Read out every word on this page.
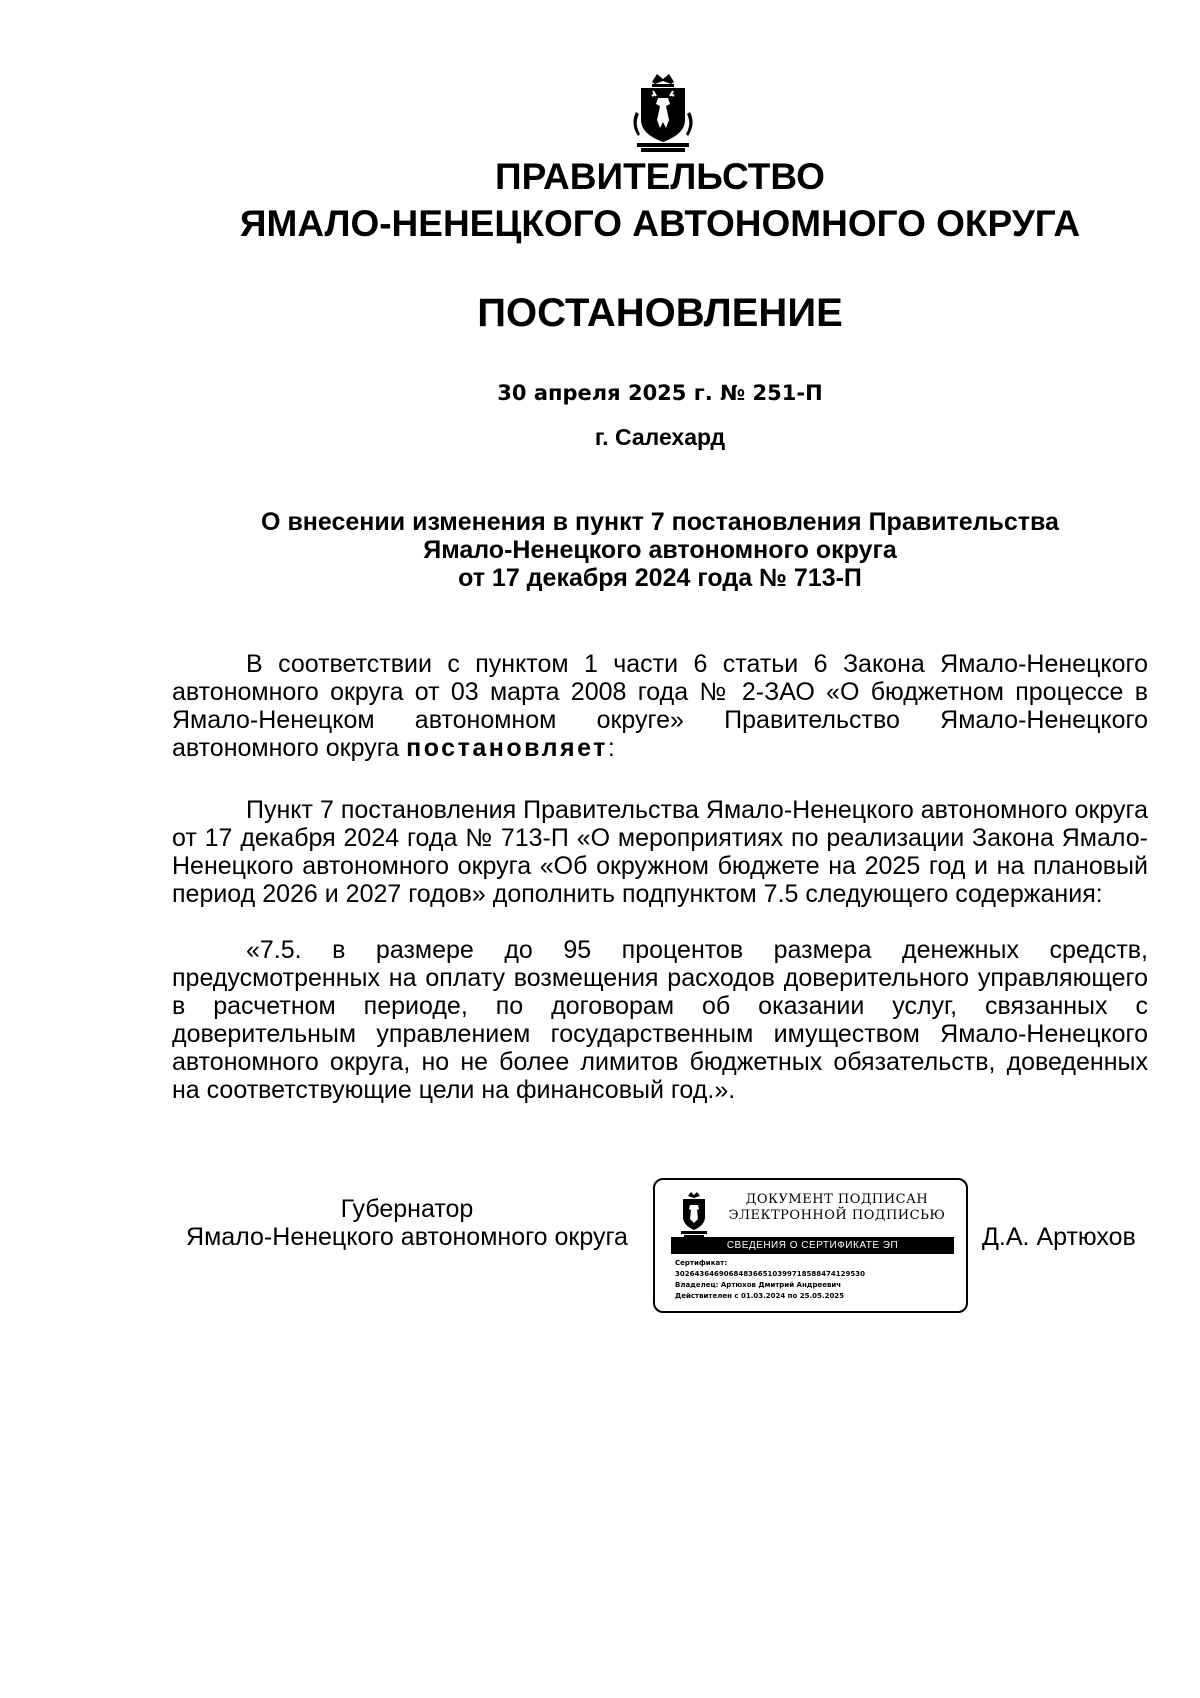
ПРАВИТЕЛЬСТВО
ЯМАЛО-НЕНЕЦКОГО АВТОНОМНОГО ОКРУГА
ПОСТАНОВЛЕНИЕ
30 апреля 2025 г. № 251-П
г. Салехард
О внесении изменения в пункт 7 постановления Правительства
Ямало-Ненецкого автономного округа
от 17 декабря 2024 года № 713-П

В соответствии с пунктом 1 части 6 статьи 6 Закона Ямало-Ненецкого автономного округа от 03 марта 2008 года № 2-ЗАО «О бюджетном процессе в Ямало-Ненецком автономном округе» Правительство Ямало-Ненецкого автономного округа постановляет:

Пункт 7 постановления Правительства Ямало-Ненецкого автономного округа от 17 декабря 2024 года № 713-П «О мероприятиях по реализации Закона Ямало-Ненецкого автономного округа «Об окружном бюджете на 2025 год и на плановый период 2026 и 2027 годов» дополнить подпунктом 7.5 следующего содержания:

«7.5. в размере до 95 процентов размера денежных средств, предусмотренных на оплату возмещения расходов доверительного управляющего в расчетном периоде, по договорам об оказании услуг, связанных с доверительным управлением государственным имуществом Ямало-Ненецкого автономного округа, но не более лимитов бюджетных обязательств, доведенных на соответствующие цели на финансовый год.».

Губернатор
Ямало-Ненецкого автономного округа
ДОКУМЕНТ ПОДПИСАН
ЭЛЕКТРОННОЙ ПОДПИСЬЮ
СВЕДЕНИЯ О СЕРТИФИКАТЕ ЭП
Сертификат:
302643646906848366510399718588474129530
Владелец: Артюхов Дмитрий Андреевич
Действителен с 01.03.2024 по 25.05.2025
Д.А. Артюхов
